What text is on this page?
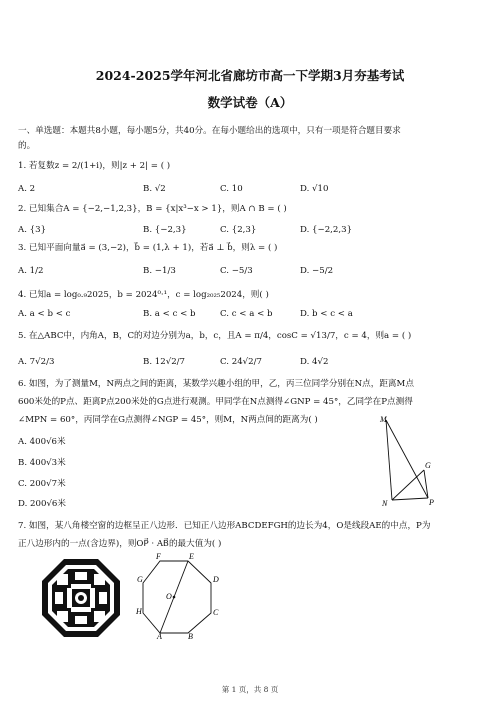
2024-2025学年河北省廊坊市高一下学期3月夯基考试
数学试卷（A）
一、单选题：本题共8小题，每小题5分，共40分。在每小题给出的选项中，只有一项是符合题目要求
的。
1. 若复数z = 2/(1+i)，则|z + 2| = ( )
A. 2	B. √2	C. 10	D. √10
2. 已知集合A = {−2,−1,2,3}，B = {x|x³−x > 1}，则A ∩ B = ( )
A. {3}	B. {−2,3}	C. {2,3}	D. {−2,2,3}
3. 已知平面向量a⃗ = (3,−2)，b⃗ = (1,λ + 1)，若a⃗ ⊥ b⃗，则λ = ( )
A. 1/2	B. −1/3	C. −5/3	D. −5/2
4. 已知a = log₀.₉2025，b = 2024⁰·¹，c = log₂₀₂₅2024，则( )
A. a < b < c	B. a < c < b	C. c < a < b	D. b < c < a
5. 在△ABC中，内角A，B，C的对边分别为a，b，c，且A = π/4，cosC = √13/7，c = 4，则a = ( )
A. 7√2/3	B. 12√2/7	C. 24√2/7	D. 4√2
6. 如图，为了测量M，N两点之间的距离，某数学兴趣小组的甲，乙，丙三位同学分别在N点，距离M点
600米处的P点、距离P点200米处的G点进行观测。甲同学在N点测得∠GNP = 45°，乙同学在P点测得
∠MPN = 60°，丙同学在G点测得∠NGP = 45°，则M，N两点间的距离为( )
A. 400√6米
B. 400√3米
C. 200√7米
D. 200√6米
M
G
N	P
7. 如图，某八角楼空窗的边框呈正八边形．已知正八边形ABCDEFGH的边长为4，O是线段AE的中点，P为
正八边形内的一点(含边界)，则OP⃗ · AB⃗的最大值为( )
G
F	E
D
H
O
C
A	B
第 1 页，共 8 页
